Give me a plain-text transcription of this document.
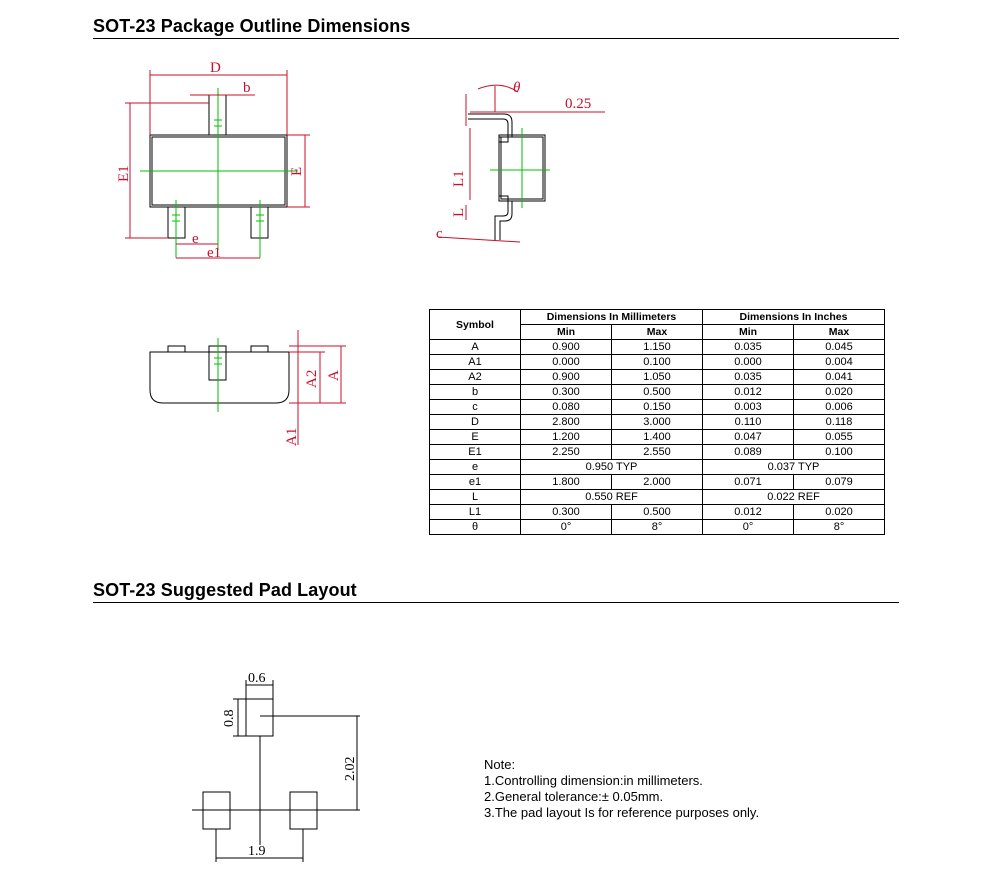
SOT-23 Package Outline Dimensions
SOT-23 Suggested Pad Layout
D
b
E1	E
e
e1
θ
0.25
L1
L
c
A2 A
A1
Symbol	Dimensions In Millimeters		Dimensions In Inches	
	Min	Max	Min	Max
A	0.900	1.150	0.035	0.045
A1	0.000	0.100	0.000	0.004
A2	0.900	1.050	0.035	0.041
b	0.300	0.500	0.012	0.020
c	0.080	0.150	0.003	0.006
D	2.800	3.000	0.110	0.118
E	1.200	1.400	0.047	0.055
E1	2.250	2.550	0.089	0.100
e	0.950 TYP		0.037 TYP	
e1	1.800	2.000	0.071	0.079
L	0.550 REF		0.022 REF	
L1	0.300	0.500	0.012	0.020
θ	0°	8°	0°	8°
0.6
0.8
2.02
1.9
Note:
1.Controlling dimension:in millimeters.
2.General tolerance:± 0.05mm.
3.The pad layout Is for reference purposes only.
